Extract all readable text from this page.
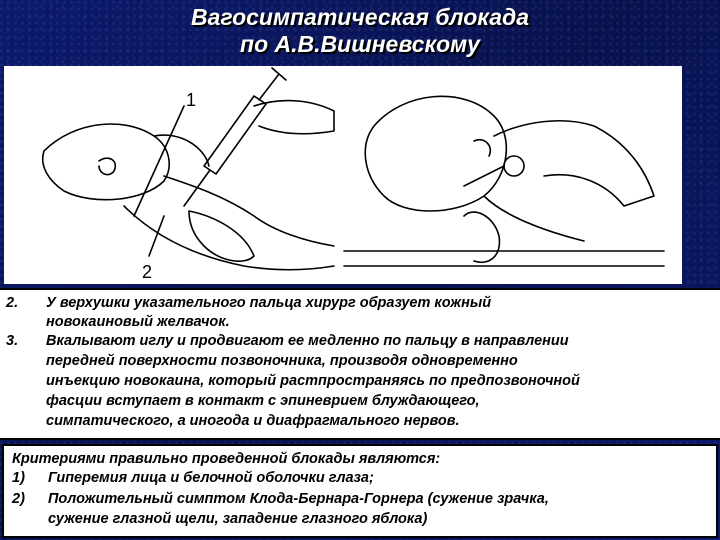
Вагосимпатическая блокада
по А.В.Вишневскому
1
2
2. У верхушки указательного пальца хирург образует кожный
новокаиновый желвачок.
3. Вкалывают иглу и продвигают ее медленно по пальцу в направлении
передней поверхности позвоночника, производя одновременно
инъекцию новокаина, который растпространяясь по предпозвоночной
фасции вступает в контакт с эпиневрием блуждающего,
симпатического, а иногода и диафрагмального нервов.
Критериями правильно проведенной блокады являются:
1) Гиперемия лица и белочной оболочки глаза;
2) Положительный симптом Клода-Бернара-Горнера (сужение зрачка,
сужение глазной щели, западение глазного яблока)
